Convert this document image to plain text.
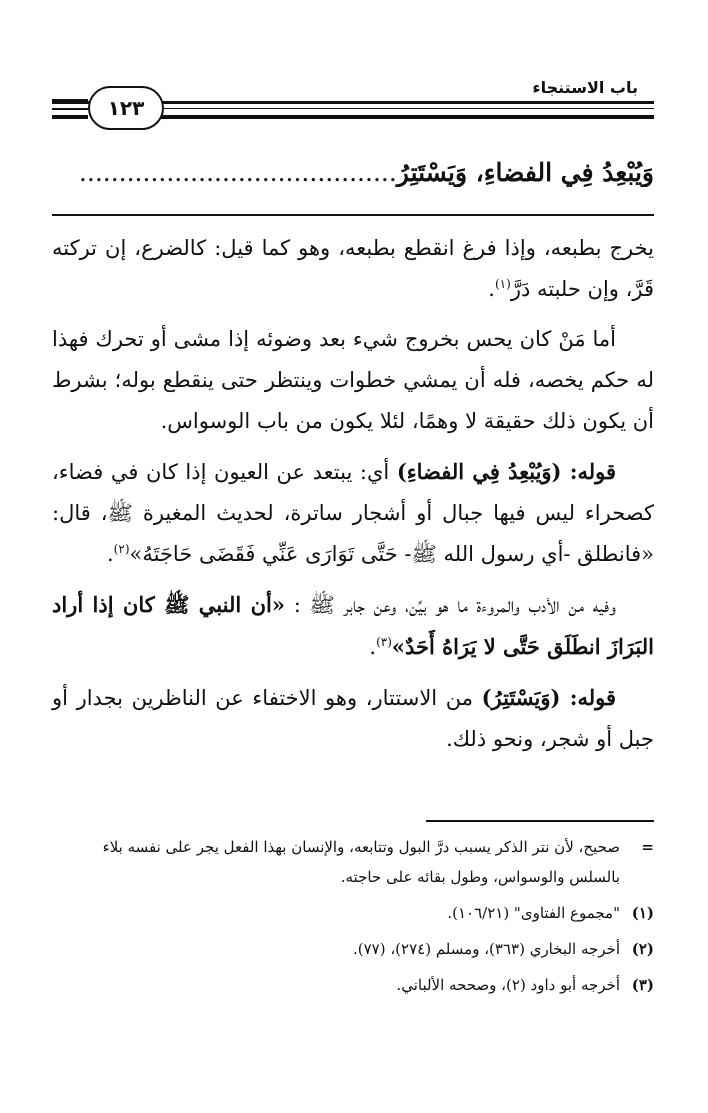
باب الاستنجاء
١٢٣
وَيُبْعِدُ فِي الفضاءِ، وَيَسْتَتِرُ........................................

يخرج بطبعه، وإذا فرغ انقطع بطبعه، وهو كما قيل: كالضرع، إن تركته قَرَّ، وإن حلبته دَرَّ$^{(١)}$.

أما مَنْ كان يحس بخروج شيء بعد وضوئه إذا مشى أو تحرك فهذا له حكم يخصه، فله أن يمشي خطوات وينتظر حتى ينقطع بوله؛ بشرط أن يكون ذلك حقيقة لا وهمًا، لئلا يكون من باب الوسواس.

قوله: (وَيُبْعِدُ فِي الفضاءِ) أي: يبتعد عن العيون إذا كان في فضاء، كصحراء ليس فيها جبال أو أشجار ساترة، لحديث المغيرة ﷺ، قال: «فانطلق -أي رسول الله ﷺ- حَتَّى تَوَارَى عَنِّي فَقَضَى حَاجَتَهُ»$^{(٢)}$.

وفيه من الأدب والمروءة ما هو بيِّن، وعن جابر ﷺ : «أن النبي ﷺ كان إذا أراد البَرَازَ انطَلَق حَتَّى لا يَرَاهُ أَحَدٌ»$^{(٣)}$.

قوله: (وَيَسْتَتِرُ) من الاستتار، وهو الاختفاء عن الناظرين بجدار أو جبل أو شجر، ونحو ذلك.

=
صحيح، لأن نتر الذكر يسبب درَّ البول وتتابعه، والإنسان بهذا الفعل يجر على نفسه بلاء بالسلس والوسواس، وطول بقائه على حاجته.
(١)
"مجموع الفتاوى" (١٠٦/٢١).
(٢)
أخرجه البخاري (٣٦٣)، ومسلم (٢٧٤)، (٧٧).
(٣)
أخرجه أبو داود (٢)، وصححه الألباني.
